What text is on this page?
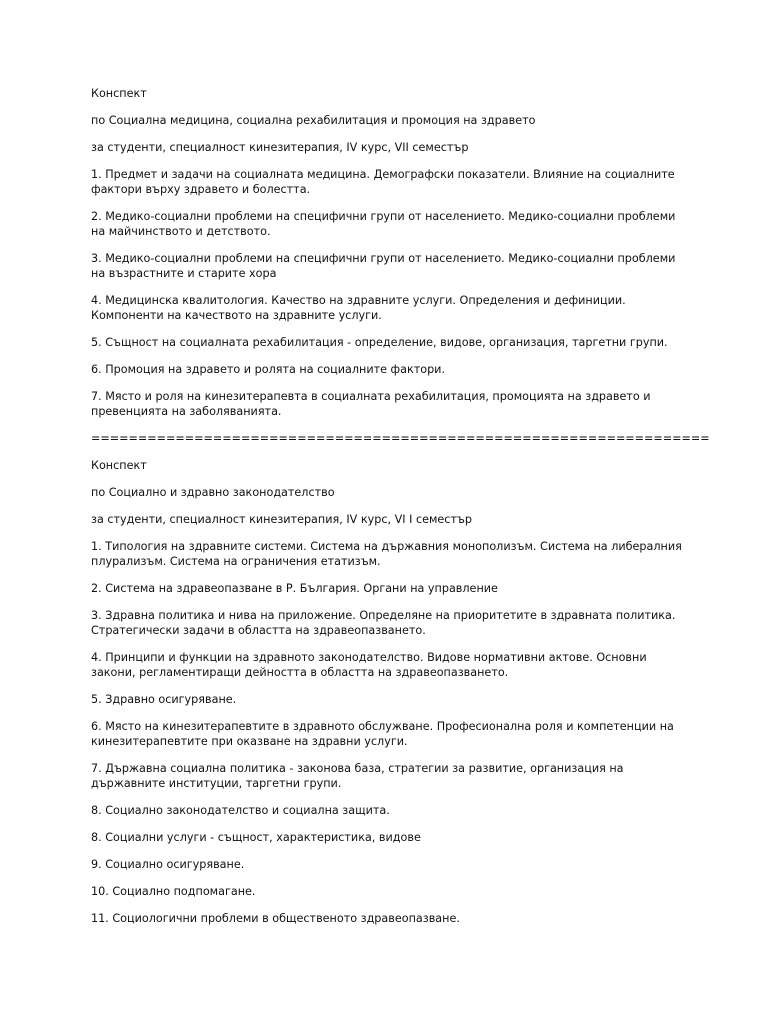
Конспект

по Социална медицина, социална рехабилитация и промоция на здравето

за студенти, специалност кинезитерапия, IV курс, VII семестър

1. Предмет и задачи на социалната медицина. Демографски показатели. Влияние на социалните фактори върху здравето и болестта.

2. Медико-социални проблеми на специфични групи от населението. Медико-социални проблеми на майчинството и детството.

3. Медико-социални проблеми на специфични групи от населението. Медико-социални проблеми на възрастните и старите хора

4. Медицинска квалитология. Качество на здравните услуги. Определения и дефиниции. Компоненти на качеството на здравните услуги.

5. Същност на социалната рехабилитация - определение, видове, организация, таргетни групи.

6. Промоция на здравето и ролята на социалните фактори.

7. Място и роля на кинезитерапевта в социалната рехабилитация, промоцията на здравето и превенцията на заболяванията.

==================================================================

Конспект

по Социално и здравно законодателство

за студенти, специалност кинезитерапия, IV курс, VI I семестър

1. Типология на здравните системи. Система на държавния монополизъм. Система на либералния плурализъм. Система на ограничения етатизъм.

2. Система на здравеопазване в Р. България. Органи на управление

3. Здравна политика и нива на приложение. Определяне на приоритетите в здравната политика. Стратегически задачи в областта на здравеопазването.

4. Принципи и функции на здравното законодателство. Видове нормативни актове. Основни закони, регламентиращи дейността в областта на здравеопазването.

5. Здравно осигуряване.

6. Място на кинезитерапевтите в здравното обслужване. Професионална роля и компетенции на кинезитерапевтите при оказване на здравни услуги.

7. Държавна социална политика - законова база, стратегии за развитие, организация на държавните институции, таргетни групи.

8. Социално законодателство и социална защита.

8. Социални услуги - същност, характеристика, видове

9. Социално осигуряване.

10. Социално подпомагане.

11. Социологични проблеми в общественото здравеопазване.
